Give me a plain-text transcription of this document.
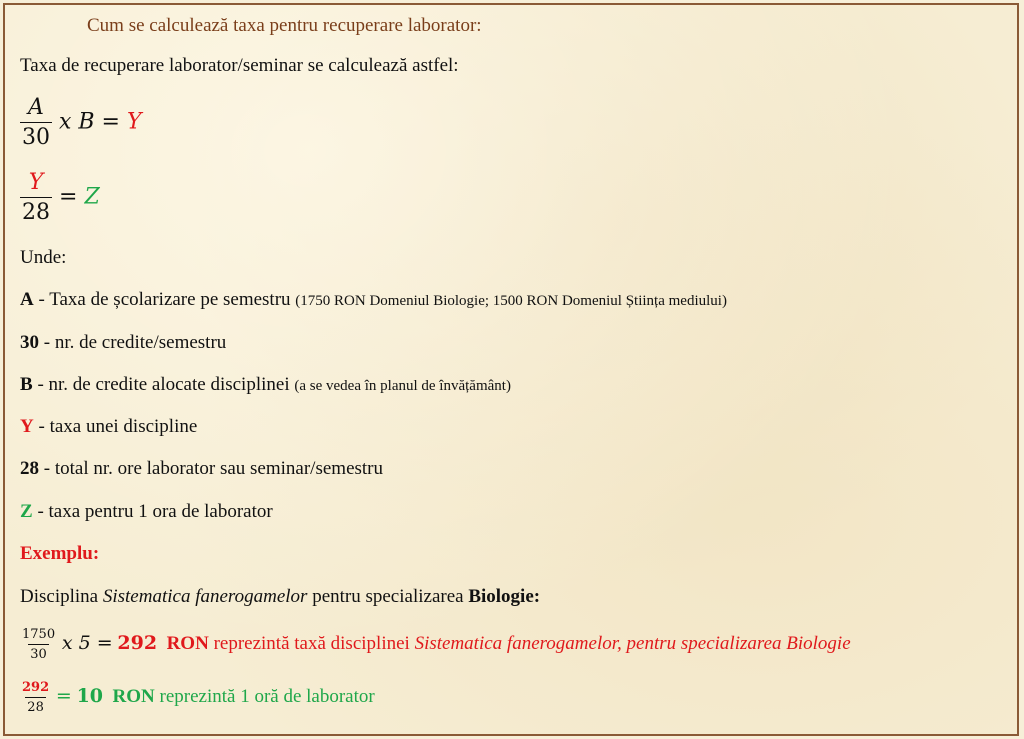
Cum se calculează taxa pentru recuperare laborator:
Taxa de recuperare laborator/seminar se calculează astfel:
$\frac{A}{30}$ x B = Y
$\frac{Y}{28} = Z$
Unde:
A - Taxa de școlarizare pe semestru (1750 RON Domeniul Biologie; 1500 RON Domeniul Știința mediului)
30 - nr. de credite/semestru
B - nr. de credite alocate disciplinei (a se vedea în planul de învățământ)
Y - taxa unei discipline
28 - total nr. ore laborator sau seminar/semestru
Z - taxa pentru 1 ora de laborator
Exemplu:
Disciplina Sistematica fanerogamelor pentru specializarea Biologie:
$\frac{1750}{30}$ x 5 = 292 RON reprezintă taxă disciplinei Sistematica fanerogamelor, pentru specializarea Biologie
$\frac{292}{28} = 10$ RON reprezintă 1 oră de laborator
